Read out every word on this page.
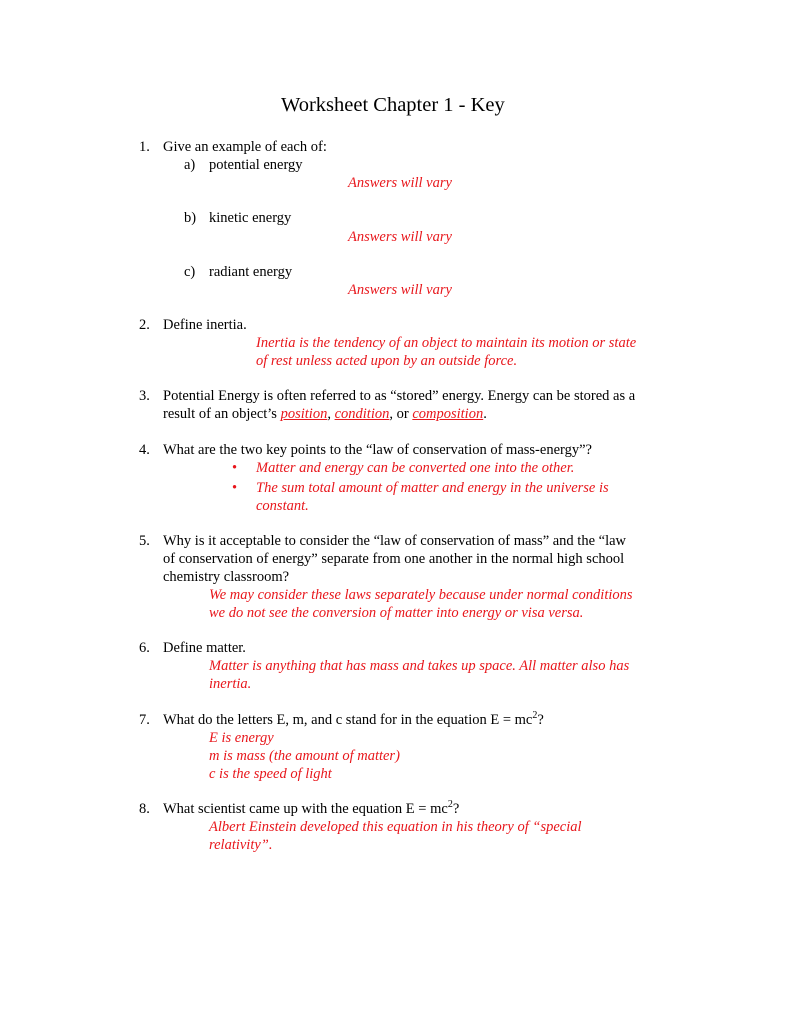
Worksheet Chapter 1 - Key
1. Give an example of each of:
a) potential energy
Answers will vary
b) kinetic energy
Answers will vary
c) radiant energy
Answers will vary
2. Define inertia.
Inertia is the tendency of an object to maintain its motion or state
of rest unless acted upon by an outside force.
3. Potential Energy is often referred to as “stored” energy. Energy can be stored as a
result of an object’s position, condition, or composition.
4. What are the two key points to the “law of conservation of mass-energy”?
• Matter and energy can be converted one into the other.
• The sum total amount of matter and energy in the universe is
constant.
5. Why is it acceptable to consider the “law of conservation of mass” and the “law
of conservation of energy” separate from one another in the normal high school
chemistry classroom?
We may consider these laws separately because under normal conditions
we do not see the conversion of matter into energy or visa versa.
6. Define matter.
Matter is anything that has mass and takes up space. All matter also has
inertia.
7. What do the letters E, m, and c stand for in the equation $E = mc^2$?
E is energy
m is mass (the amount of matter)
c is the speed of light
8. What scientist came up with the equation $E = mc^2$?
Albert Einstein developed this equation in his theory of “special
relativity”.
